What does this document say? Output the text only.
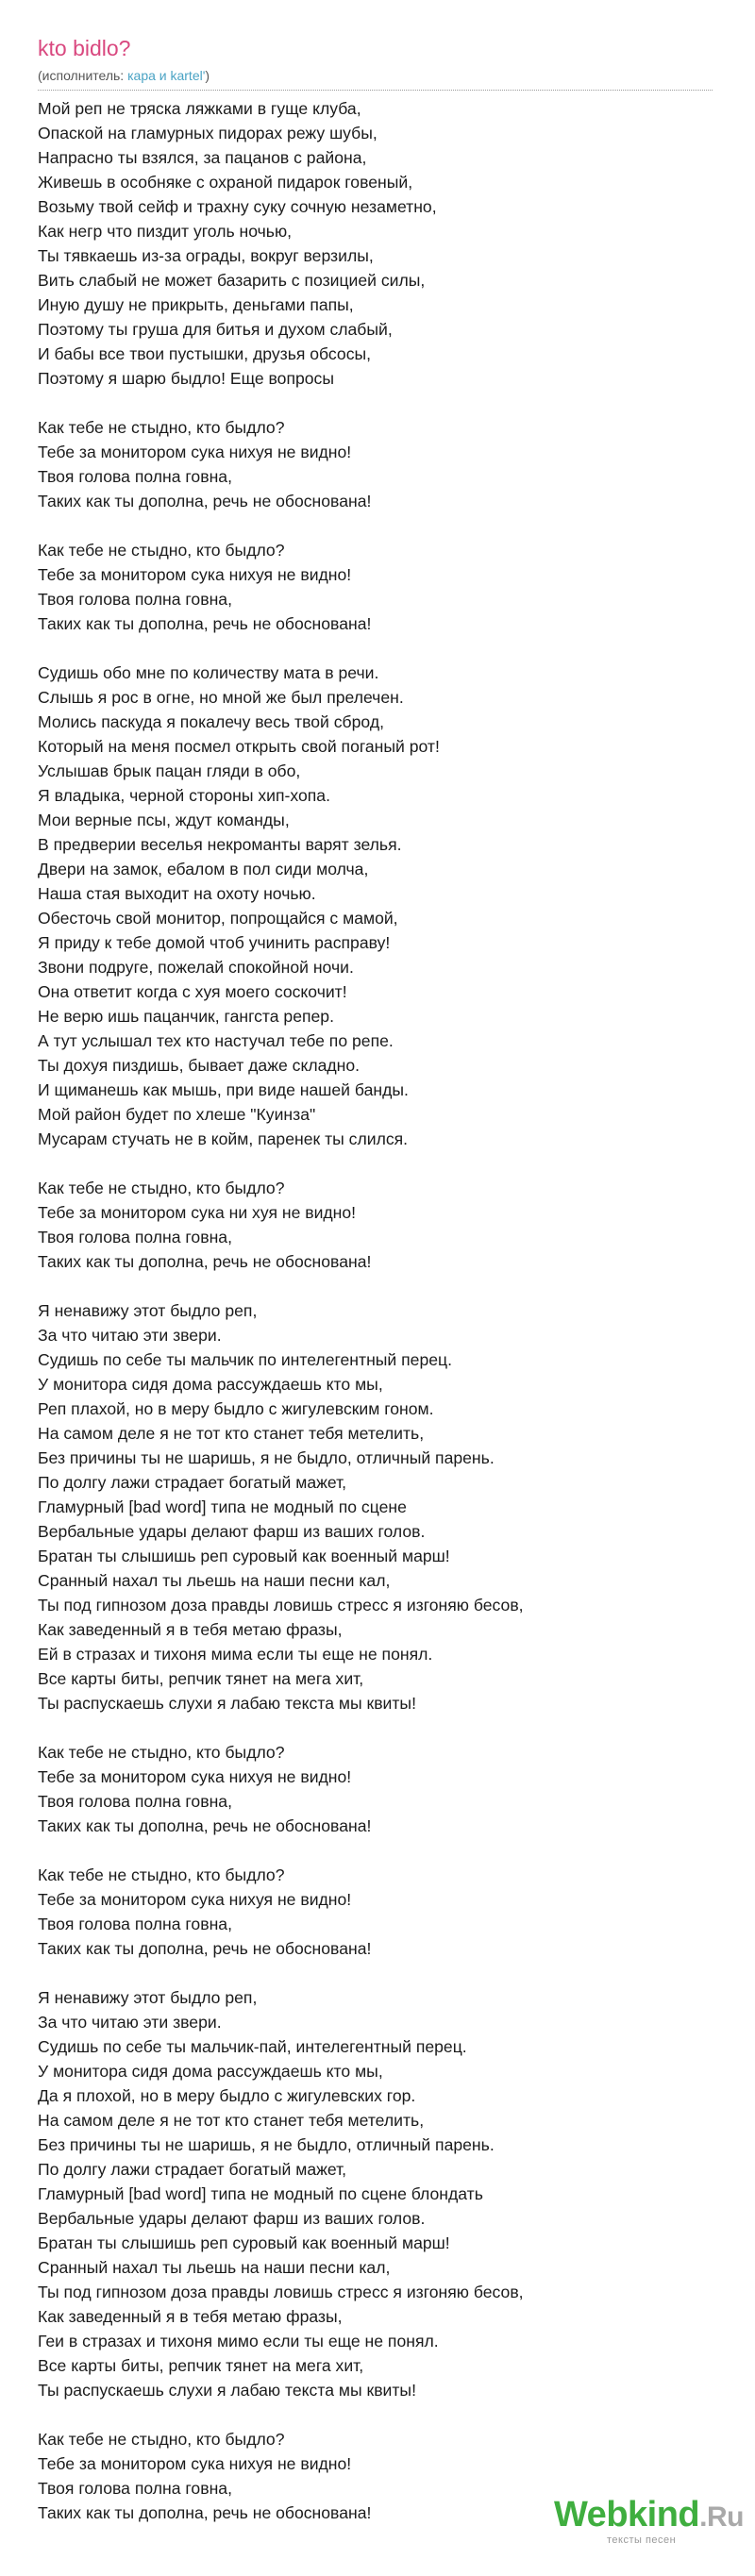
kto bidlo?
(исполнитель: каpa и kartel')
Мой реп не тряска ляжками в гуще клуба,
Опаской на гламурных пидорах режу шубы,
Напрасно ты взялся, за пацанов с района,
Живешь в особняке с охраной пидарок говеный,
Возьму твой сейф и трахну суку сочную незаметно,
Как негр что пиздит уголь ночью,
Ты тявкаешь из-за ограды, вокруг верзилы,
Вить слабый не может базарить с позицией силы,
Иную душу не прикрыть, деньгами папы,
Поэтому ты груша для битья и духом слабый,
И бабы все твои пустышки, друзья обсосы,
Поэтому я шарю быдло! Еще вопросы
Как тебе не стыдно, кто быдло?
Тебе за монитором сука нихуя не видно!
Твоя голова полна говна,
Таких как ты дополна, речь не обоснована!
Как тебе не стыдно, кто быдло?
Тебе за монитором сука нихуя не видно!
Твоя голова полна говна,
Таких как ты дополна, речь не обоснована!
Судишь обо мне по количеству мата в речи.
Слышь я рос в огне, но мной же был прелечен.
Молись паскуда я покалечу весь твой сброд,
Который на меня посмел открыть свой поганый рот!
Услышав брык пацан гляди в обо,
Я владыка, черной стороны хип-хопа.
Мои верные псы, ждут команды,
В предверии веселья некроманты варят зелья.
Двери на замок, ебалом в пол сиди молча,
Наша стая выходит на охоту ночью.
Обесточь свой монитор, попрощайся с мамой,
Я приду к тебе домой чтоб учинить расправу!
Звони подруге, пожелай спокойной ночи.
Она ответит когда с хуя моего соскочит!
Не верю ишь пацанчик, гангста репер.
А тут услышал тех кто настучал тебе по репе.
Ты дохуя пиздишь, бывает даже складно.
И щиманешь как мышь, при виде нашей банды.
Мой район будет по хлеше "Куинза"
Мусарам стучать не в койм, паренек ты слился.
Как тебе не стыдно, кто быдло?
Тебе за монитором сука ни хуя не видно!
Твоя голова полна говна,
Таких как ты дополна, речь не обоснована!
Я ненавижу этот быдло реп,
За что читаю эти звери.
Судишь по себе ты мальчик по интелегентный перец.
У монитора сидя дома рассуждаешь кто мы,
Реп плахой, но в меру быдло с жигулевским гоном.
На самом деле я не тот кто станет тебя метелить,
Без причины ты не шаришь, я не быдло, отличный парень.
По долгу лажи страдает богатый мажет,
Гламурный [bad word] типа не модный по сцене
Вербальные удары делают фарш из ваших голов.
Братан ты слышишь реп суровый как военный марш!
Сранный нахал ты льешь на наши песни кал,
Ты под гипнозом доза правды ловишь стресс я изгоняю бесов,
Как заведенный я в тебя метаю фразы,
Ей в стразах и тихоня мима если ты еще не понял.
Все карты биты, репчик тянет на мега хит,
Ты распускаешь слухи я лабаю текста мы квиты!
Как тебе не стыдно, кто быдло?
Тебе за монитором сука нихуя не видно!
Твоя голова полна говна,
Таких как ты дополна, речь не обоснована!
Как тебе не стыдно, кто быдло?
Тебе за монитором сука нихуя не видно!
Твоя голова полна говна,
Таких как ты дополна, речь не обоснована!
Я ненавижу этот быдло реп,
За что читаю эти звери.
Судишь по себе ты мальчик-пай, интелегентный перец.
У монитора сидя дома рассуждаешь кто мы,
Да я плохой, но в меру быдло с жигулевских гор.
На самом деле я не тот кто станет тебя метелить,
Без причины ты не шаришь, я не быдло, отличный парень.
По долгу лажи страдает богатый мажет,
Гламурный [bad word] типа не модный по сцене блондать
Вербальные удары делают фарш из ваших голов.
Братан ты слышишь реп суровый как военный марш!
Сранный нахал ты льешь на наши песни кал,
Ты под гипнозом доза правды ловишь стресс я изгоняю бесов,
Как заведенный я в тебя метаю фразы,
Геи в стразах и тихоня мимо если ты еще не понял.
Все карты биты, репчик тянет на мега хит,
Ты распускаешь слухи я лабаю текста мы квиты!
Как тебе не стыдно, кто быдло?
Тебе за монитором сука нихуя не видно!
Твоя голова полна говна,
Таких как ты дополна, речь не обоснована!	Webkind.Ru
тексты песен
